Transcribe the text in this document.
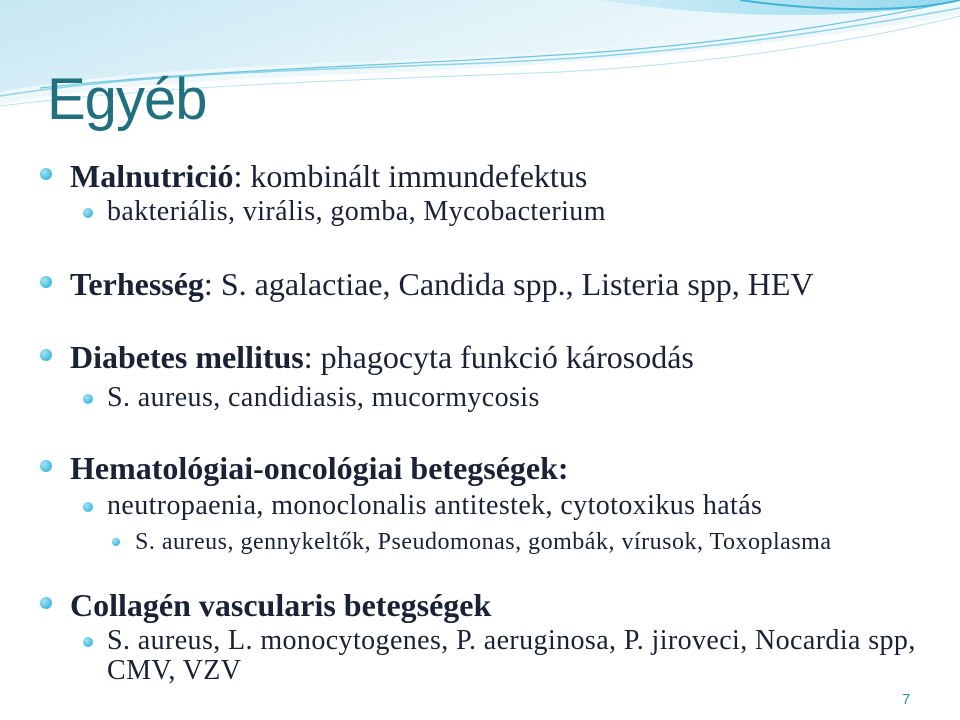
Egyéb
Malnutrició: kombinált immundefektus
bakteriális, virális, gomba, Mycobacterium
Terhesség: S. agalactiae, Candida spp., Listeria spp, HEV
Diabetes mellitus: phagocyta funkció károsodás
S. aureus, candidiasis, mucormycosis
Hematológiai-oncológiai betegségek:
neutropaenia, monoclonalis antitestek, cytotoxikus hatás
S. aureus, gennykeltők, Pseudomonas, gombák, vírusok, Toxoplasma
Collagén vascularis betegségek
S. aureus, L. monocytogenes, P. aeruginosa, P. jiroveci, Nocardia spp, CMV, VZV
7
